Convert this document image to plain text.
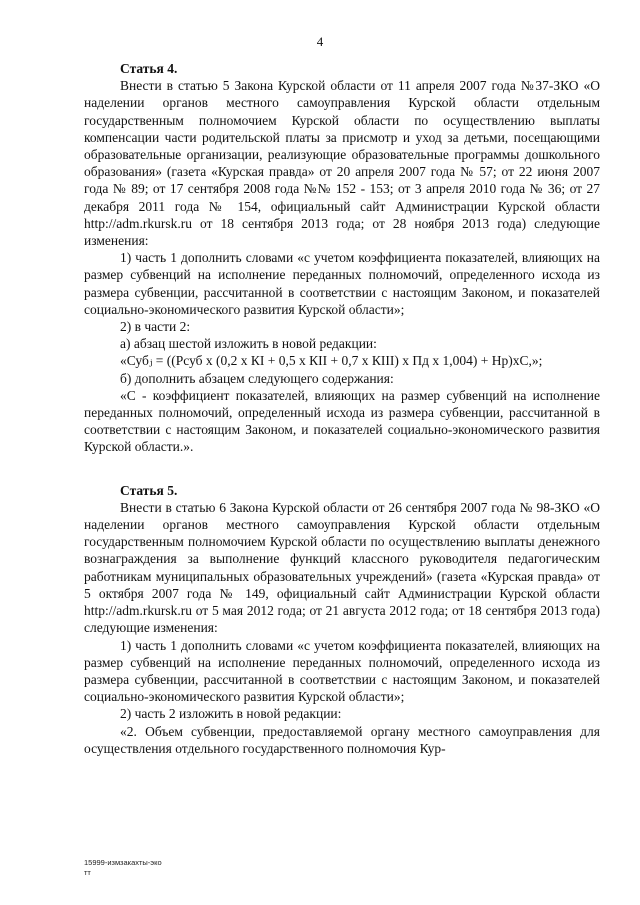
4
Статья 4.

Внести в статью 5 Закона Курской области от 11 апреля 2007 года №37-ЗКО «О наделении органов местного самоуправления Курской области отдельным государственным полномочием Курской области по осуществлению выплаты компенсации части родительской платы за присмотр и уход за детьми, посещающими образовательные организации, реализующие образовательные программы дошкольного образования» (газета «Курская правда» от 20 апреля 2007 года № 57; от 22 июня 2007 года № 89; от 17 сентября 2008 года №№ 152 - 153; от 3 апреля 2010 года № 36; от 27 декабря 2011 года № 154, официальный сайт Администрации Курской области http://adm.rkursk.ru от 18 сентября 2013 года; от 28 ноября 2013 года) следующие изменения:

1) часть 1 дополнить словами «с учетом коэффициента показателей, влияющих на размер субвенций на исполнение переданных полномочий, определенного исхода из размера субвенции, рассчитанной в соответствии с настоящим Законом, и показателей социально-экономического развития Курской области»;

2) в части 2:

а) абзац шестой изложить в новой редакции:

«Субⱼ = ((Рсуб х (0,2 х КI + 0,5 х КII + 0,7 х КIII) х Пд х 1,004) + Нр)хС,»;

б) дополнить абзацем следующего содержания:

«С - коэффициент показателей, влияющих на размер субвенций на исполнение переданных полномочий, определенный исхода из размера субвенции, рассчитанной в соответствии с настоящим Законом, и показателей социально-экономического развития Курской области.».

Статья 5.

Внести в статью 6 Закона Курской области от 26 сентября 2007 года № 98-ЗКО «О наделении органов местного самоуправления Курской области отдельным государственным полномочием Курской области по осуществлению выплаты денежного вознаграждения за выполнение функций классного руководителя педагогическим работникам муниципальных образовательных учреждений» (газета «Курская правда» от 5 октября 2007 года № 149, официальный сайт Администрации Курской области http://adm.rkursk.ru от 5 мая 2012 года; от 21 августа 2012 года; от 18 сентября 2013 года) следующие изменения:

1) часть 1 дополнить словами «с учетом коэффициента показателей, влияющих на размер субвенций на исполнение переданных полномочий, определенного исхода из размера субвенции, рассчитанной в соответствии с настоящим Законом, и показателей социально-экономического развития Курской области»;

2) часть 2 изложить в новой редакции:

«2. Объем субвенции, предоставляемой органу местного самоуправления для осуществления отдельного государственного полномочия Кур-

15999-измзакахты-эко
тт
